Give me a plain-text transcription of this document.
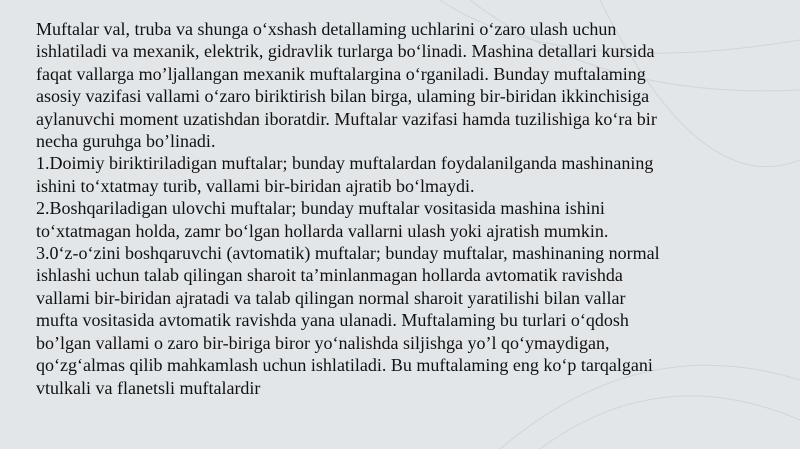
Muftalar val, truba va shunga o‘xshash detallaming uchlarini o‘zaro ulash uchun
ishlatiladi va mexanik, elektrik, gidravlik turlarga bo‘linadi. Mashina detallari kursida
faqat vallarga mo’ljallangan mexanik muftalargina o‘rganiladi. Bunday muftalaming
asosiy vazifasi vallami o‘zaro biriktirish bilan birga, ulaming bir-biridan ikkinchisiga
aylanuvchi moment uzatishdan iboratdir. Muftalar vazifasi hamda tuzilishiga ko‘ra bir
necha guruhga bo’linadi.
1.Doimiy biriktiriladigan muftalar; bunday muftalardan foydalanilganda mashinaning
ishini to‘xtatmay turib, vallami bir-biridan ajratib bo‘lmaydi.
2.Boshqariladigan ulovchi muftalar; bunday muftalar vositasida mashina ishini
to‘xtatmagan holda, zamr bo‘lgan hollarda vallarni ulash yoki ajratish mumkin.
3.0‘z-o‘zini boshqaruvchi (avtomatik) muftalar; bunday muftalar, mashinaning normal
ishlashi uchun talab qilingan sharoit ta’minlanmagan hollarda avtomatik ravishda
vallami bir-biridan ajratadi va talab qilingan normal sharoit yaratilishi bilan vallar
mufta vositasida avtomatik ravishda yana ulanadi. Muftalaming bu turlari o‘qdosh
bo’lgan vallami o zaro bir-biriga biror yo‘nalishda siljishga yo’l qo‘ymaydigan,
qo‘zg‘almas qilib mahkamlash uchun ishlatiladi. Bu muftalaming eng ko‘p tarqalgani
vtulkali va flanetsli muftalardir
